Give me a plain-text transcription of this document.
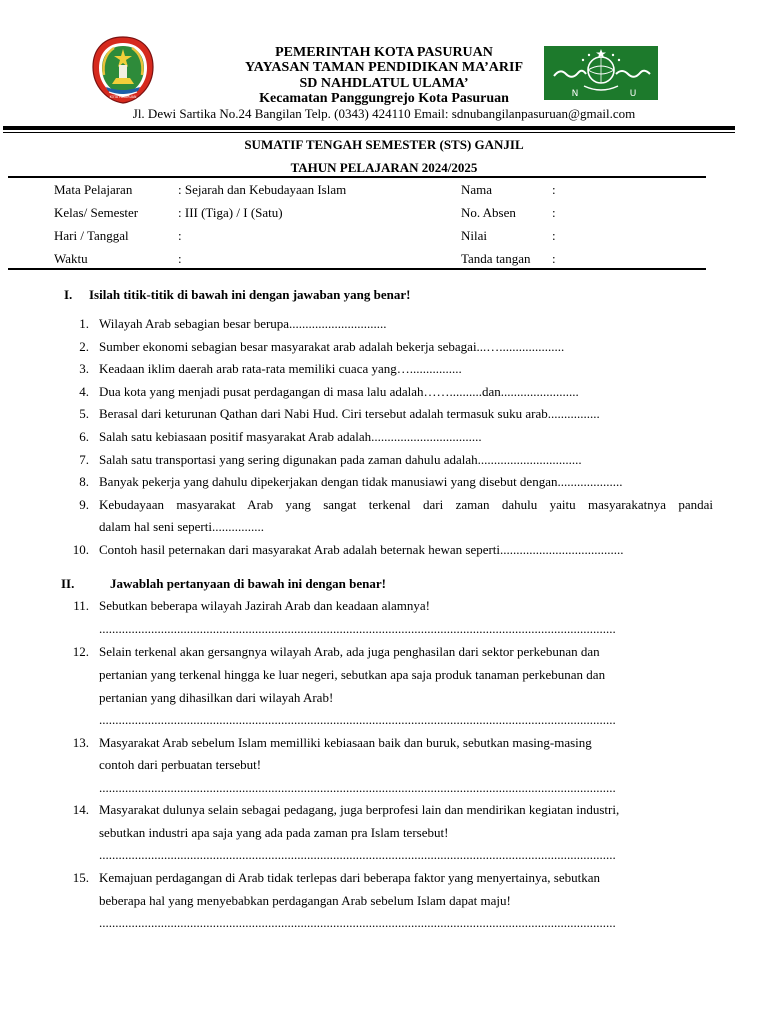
KOTA PASURUAN	N	U
PEMERINTAH KOTA PASURUAN
YAYASAN TAMAN PENDIDIKAN MA’ARIF
SD NAHDLATUL ULAMA’
Kecamatan Panggungrejo Kota Pasuruan
Jl. Dewi Sartika No.24 Bangilan Telp. (0343) 424110 Email: sdnubangilanpasuruan@gmail.com
SUMATIF TENGAH SEMESTER (STS) GANJIL
TAHUN PELAJARAN 2024/2025
Mata Pelajaran	: Sejarah dan Kebudayaan Islam	Nama	:
Kelas/ Semester	: III (Tiga) / I (Satu)	No. Absen	:
Hari / Tanggal	:	Nilai	:
Waktu	:	Tanda tangan :
I. Isilah titik-titik di bawah ini dengan jawaban yang benar!
1. Wilayah Arab sebagian besar berupa..............................
2. Sumber ekonomi sebagian besar masyarakat arab adalah bekerja sebagai...…....................
3. Keadaan iklim daerah arab rata-rata memiliki cuaca yang…................
4. Dua kota yang menjadi pusat perdagangan di masa lalu adalah……..........dan........................
5. Berasal dari keturunan Qathan dari Nabi Hud. Ciri tersebut adalah termasuk suku arab................
6. Salah satu kebiasaan positif masyarakat Arab adalah..................................
7. Salah satu transportasi yang sering digunakan pada zaman dahulu adalah................................
8. Banyak pekerja yang dahulu dipekerjakan dengan tidak manusiawi yang disebut dengan....................
9. Kebudayaan masyarakat Arab yang sangat terkenal dari zaman dahulu yaitu masyarakatnya pandai
dalam hal seni seperti................
10. Contoh hasil peternakan dari masyarakat Arab adalah beternak hewan seperti......................................
II.	Jawablah pertanyaan di bawah ini dengan benar!
11. Sebutkan beberapa wilayah Jazirah Arab dan keadaan alamnya!
...............................................................................................................................................................
12. Selain terkenal akan gersangnya wilayah Arab, ada juga penghasilan dari sektor perkebunan dan
pertanian yang terkenal hingga ke luar negeri, sebutkan apa saja produk tanaman perkebunan dan
pertanian yang dihasilkan dari wilayah Arab!
...............................................................................................................................................................
13. Masyarakat Arab sebelum Islam memilliki kebiasaan baik dan buruk, sebutkan masing-masing
contoh dari perbuatan tersebut!
...............................................................................................................................................................
14. Masyarakat dulunya selain sebagai pedagang, juga berprofesi lain dan mendirikan kegiatan industri,
sebutkan industri apa saja yang ada pada zaman pra Islam tersebut!
...............................................................................................................................................................
15. Kemajuan perdagangan di Arab tidak terlepas dari beberapa faktor yang menyertainya, sebutkan
beberapa hal yang menyebabkan perdagangan Arab sebelum Islam dapat maju!
...............................................................................................................................................................
